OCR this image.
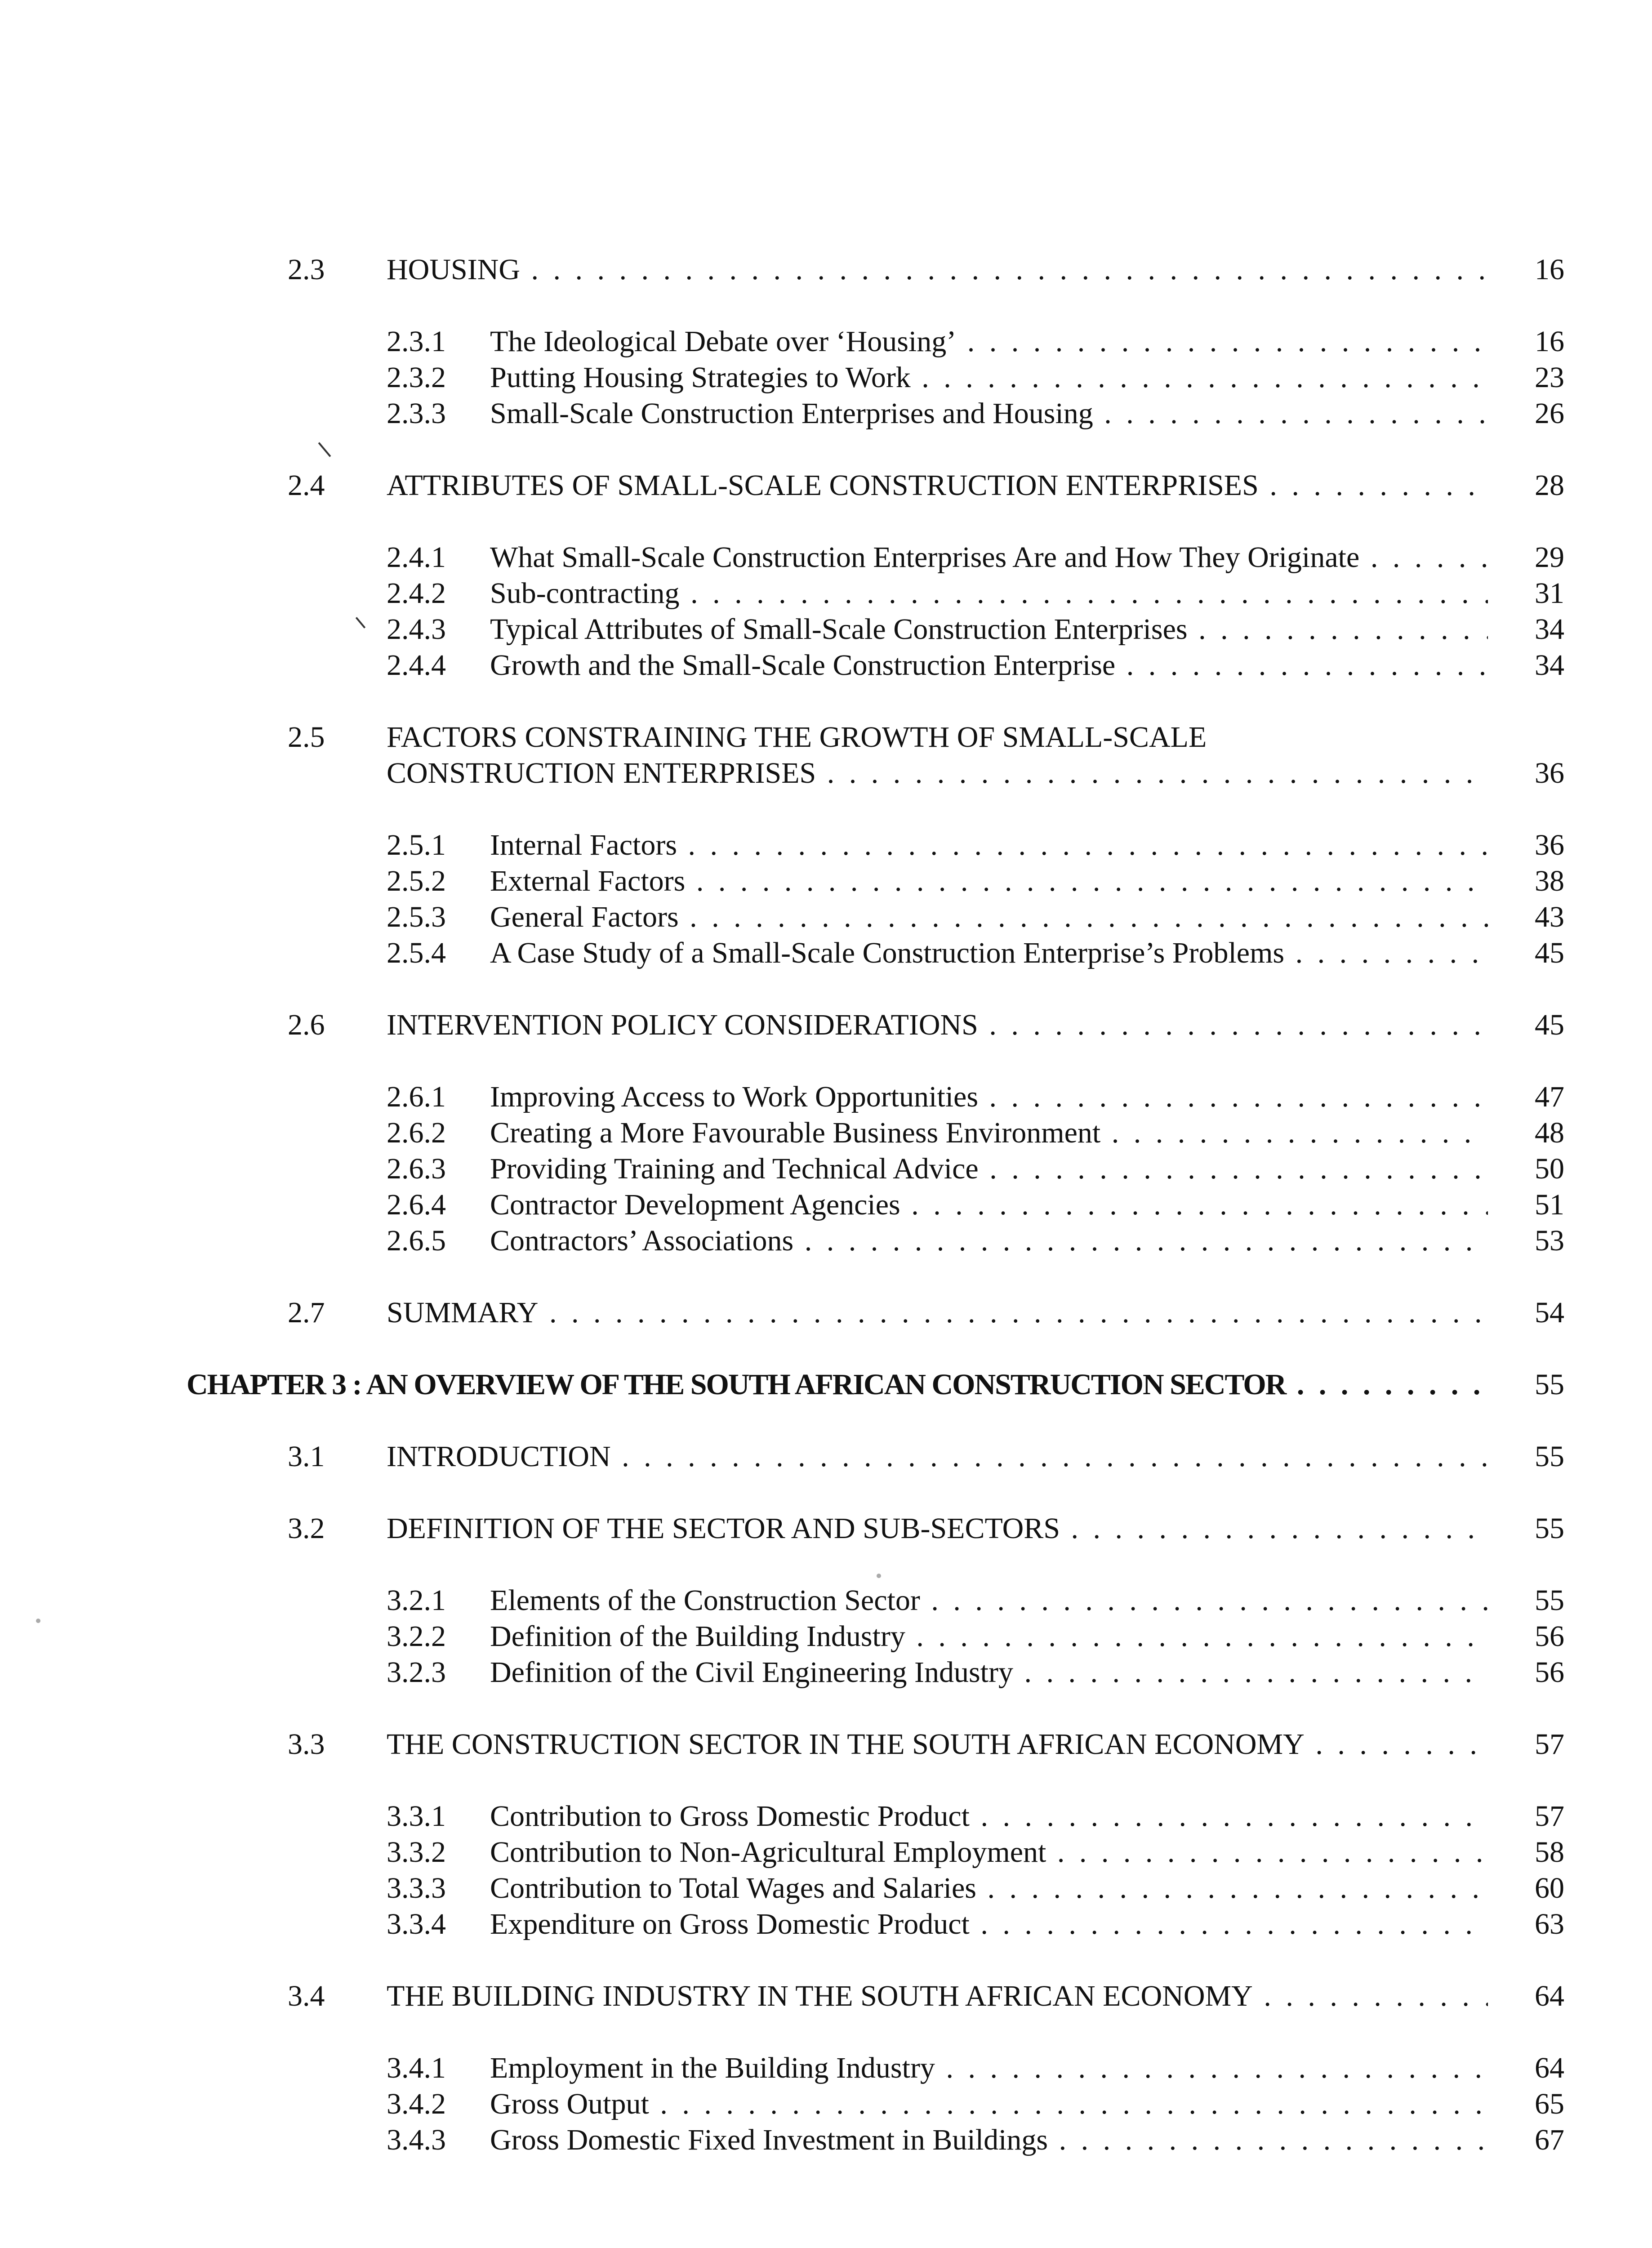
2.3 HOUSING . . .	16
2.3.1 The Ideological Debate over ‘Housing’ . . .	16
2.3.2 Putting Housing Strategies to Work . . .	23
2.3.3 Small-Scale Construction Enterprises and Housing . . .	26
2.4 ATTRIBUTES OF SMALL-SCALE CONSTRUCTION ENTERPRISES . . .	28
2.4.1 What Small-Scale Construction Enterprises Are and How They Originate . . .	29
2.4.2 Sub-contracting . . .	31
2.4.3 Typical Attributes of Small-Scale Construction Enterprises . . .	34
2.4.4 Growth and the Small-Scale Construction Enterprise . . .	34
2.5 FACTORS CONSTRAINING THE GROWTH OF SMALL-SCALE
CONSTRUCTION ENTERPRISES . . .	36
2.5.1 Internal Factors . . .	36
2.5.2 External Factors . . .	38
2.5.3 General Factors . . .	43
2.5.4 A Case Study of a Small-Scale Construction Enterprise’s Problems . . .	45
2.6 INTERVENTION POLICY CONSIDERATIONS . . .	45
2.6.1 Improving Access to Work Opportunities . . .	47
2.6.2 Creating a More Favourable Business Environment . . .	48
2.6.3 Providing Training and Technical Advice . . .	50
2.6.4 Contractor Development Agencies . . .	51
2.6.5 Contractors’ Associations . . .	53
2.7 SUMMARY . . .	54
CHAPTER 3 : AN OVERVIEW OF THE SOUTH AFRICAN CONSTRUCTION SECTOR . . .	55
3.1 INTRODUCTION . . .	55
3.2 DEFINITION OF THE SECTOR AND SUB-SECTORS . . .	55
3.2.1 Elements of the Construction Sector . . .	55
3.2.2 Definition of the Building Industry . . .	56
3.2.3 Definition of the Civil Engineering Industry . . .	56
3.3 THE CONSTRUCTION SECTOR IN THE SOUTH AFRICAN ECONOMY . . .	57
3.3.1 Contribution to Gross Domestic Product . . .	57
3.3.2 Contribution to Non-Agricultural Employment . . .	58
3.3.3 Contribution to Total Wages and Salaries . . .	60
3.3.4 Expenditure on Gross Domestic Product . . .	63
3.4 THE BUILDING INDUSTRY IN THE SOUTH AFRICAN ECONOMY . . .	64
3.4.1 Employment in the Building Industry . . .	64
3.4.2 Gross Output . . .	65
3.4.3 Gross Domestic Fixed Investment in Buildings . . .	67
